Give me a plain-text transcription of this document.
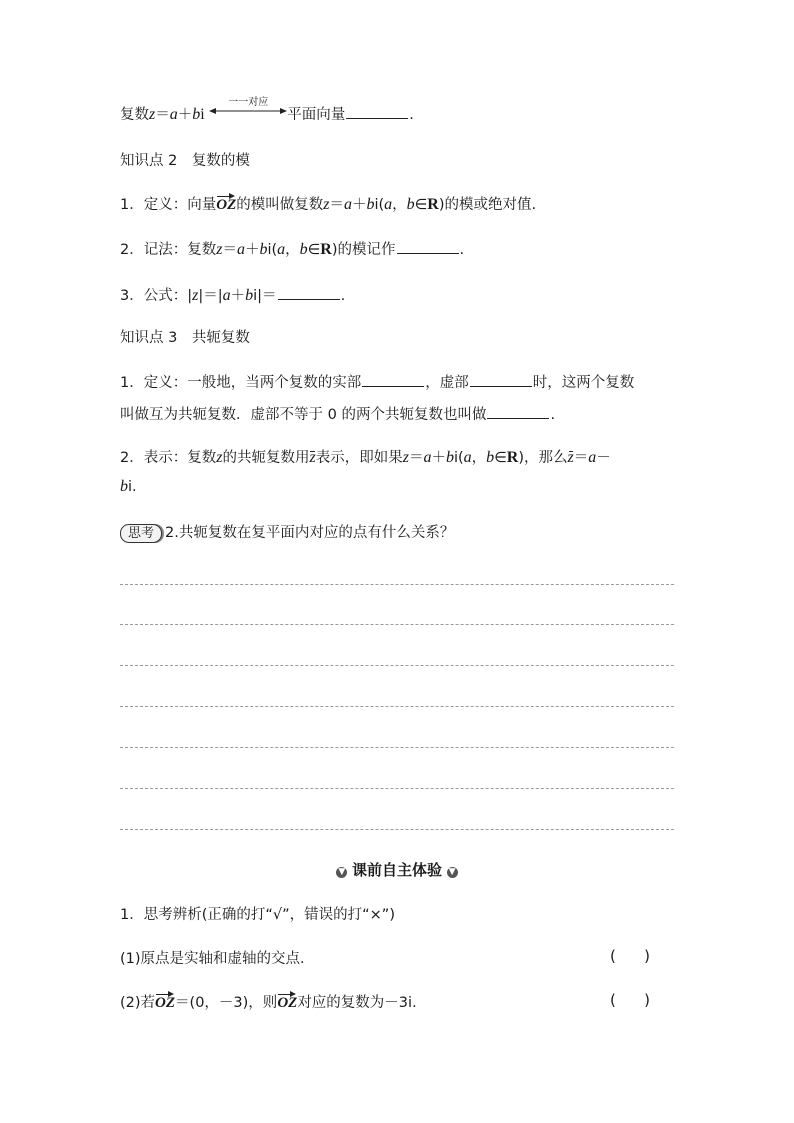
复数z＝a＋bi
一一对应
平面向量	.
知识点 2　复数的模
1．定义：向量OZ的模叫做复数z＝a＋bi(a，b∈R)的模或绝对值.
2．记法：复数z＝a＋bi(a，b∈R)的模记作	.
3．公式：|z|＝|a＋bi|＝	.
知识点 3　共轭复数
1．定义：一般地，当两个复数的实部	，虚部	时，这两个复数
叫做互为共轭复数．虚部不等于 0 的两个共轭复数也叫做	.
2．表示：复数z的共轭复数用z表示，即如果z＝a＋bi(a，b∈R)，那么z＝a－
bi.
思考 2.共轭复数在复平面内对应的点有什么关系？
▼ 课前自主体验 ▼
1．思考辨析(正确的打“√”，错误的打“×”)
(1)原点是实轴和虚轴的交点．	( )
(2)若OZ＝(0，－3)，则OZ对应的复数为－3i．	( )
